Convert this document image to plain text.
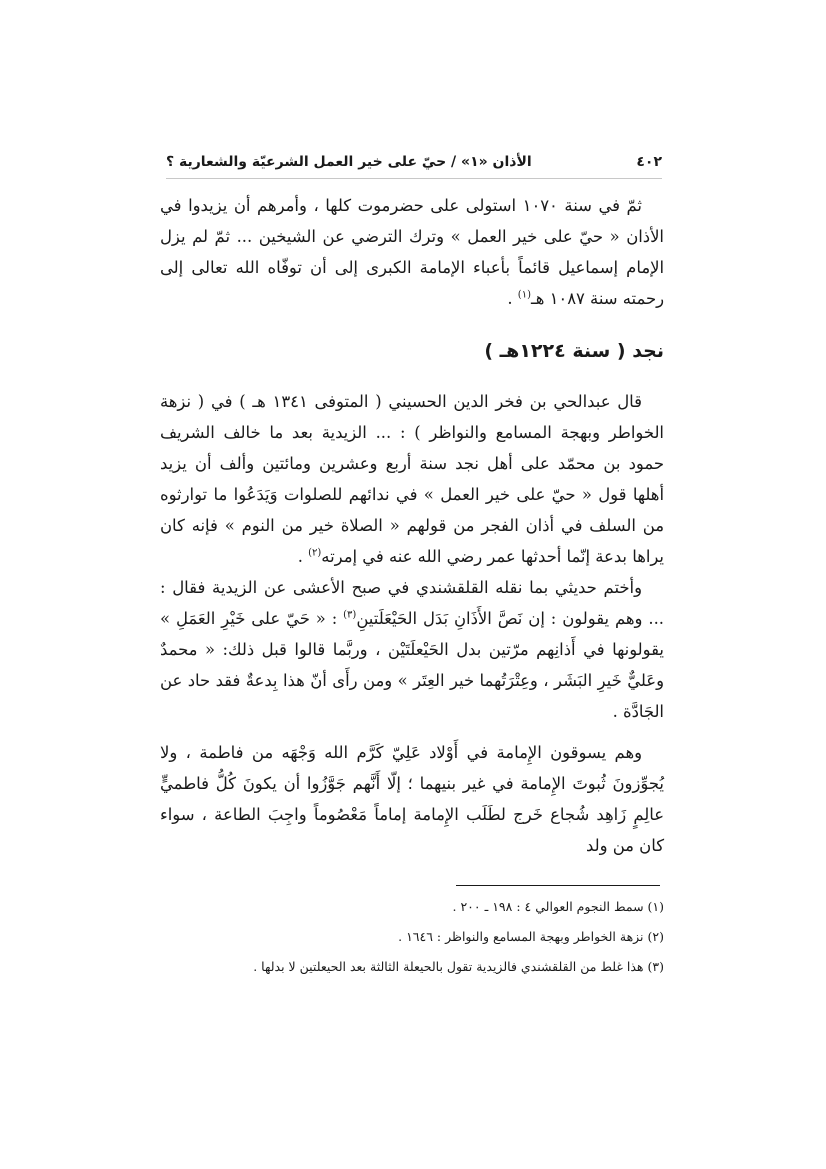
٤٠٢
الأذان «١» / حيّ على خير العمل الشرعيّة والشعارية ؟

ثمّ في سنة ١٠٧٠ استولى على حضرموت كلها ، وأمرهم أن يزيدوا في الأذان « حيّ على خير العمل » وترك الترضي عن الشيخين ... ثمّ لم يزل الإمام إسماعيل قائماً بأعباء الإمامة الكبرى إلى أن توفّاه الله تعالى إلى رحمته سنة ١٠٨٧ هـ$^{(١)}$ .

نجد ( سنة ١٢٢٤هـ )

قال عبدالحي بن فخر الدين الحسيني ( المتوفى ١٣٤١ هـ ) في ( نزهة الخواطر وبهجة المسامع والنواظر ) : ... الزيدية بعد ما خالف الشريف حمود بن محمّد على أهل نجد سنة أربع وعشرين ومائتين وألف أن يزيد أهلها قول « حيّ على خير العمل » في ندائهم للصلوات وَيَدَعُوا ما توارثوه من السلف في أذان الفجر من قولهم « الصلاة خير من النوم » فإنه كان يراها بدعة إنّما أحدثها عمر رضي الله عنه في إمرته$^{(٢)}$ .

وأختم حديثي بما نقله القلقشندي في صبح الأعشى عن الزيدية فقال : ... وهم يقولون : إن نَصَّ الأَذَانِ بَدَل الحَيْعَلَتينِ$^{(٣)}$ : « حَيّ على خَيْرِ العَمَلِ » يقولونها في أَذانِهم مرّتين بدل الحَيْعلَتَيْن ، وربَّما قالوا قبل ذلك: « محمدٌ وعَليٌّ خَيرِ البَشَر ، وعِتْرَتُهما خير العِتَر » ومن رأَى أنّ هذا بِدعةٌ فقد حاد عن الجَادَّة .

وهم يسوقون الإِمامة في أَوْلاد عَلِيّ كَرَّم الله وَجْهَه من فاطمة ، ولا يُجوِّزونَ ثُبوتَ الإِمامة في غير بنيهما ؛ إلّا أَنَّهم جَوَّزُوا أن يكونَ كُلُّ فاطميٍّ عالِمٍ زَاهِد شُجاع خَرج لطَلَب الإِمامة إماماً مَعْصُوماً واجِبَ الطاعة ، سواء كان من ولد

(١) سمط النجوم العوالي ٤ : ١٩٨ ـ ٢٠٠ .
(٢) نزهة الخواطر وبهجة المسامع والنواظر : ١٦٤٦ .
(٣) هذا غلط من القلقشندي فالزيدية تقول بالحيعلة الثالثة بعد الحيعلتين لا بدلها .
